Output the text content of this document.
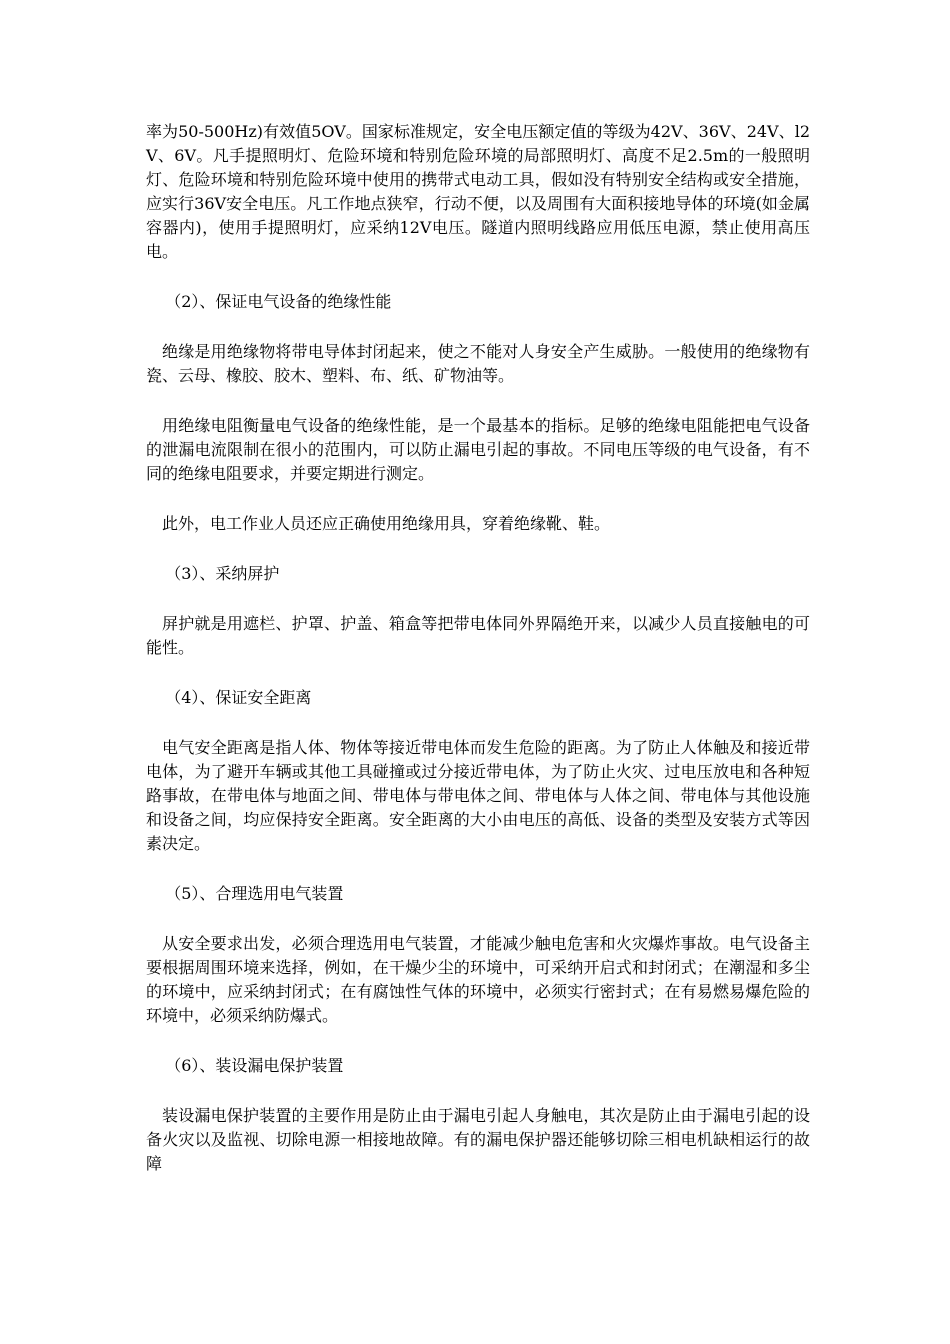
率为50-500Hz)有效值5OV。国家标准规定，安全电压额定值的等级为42V、36V、24V、l2V、6V。凡手提照明灯、危险环境和特别危险环境的局部照明灯、高度不足2.5m的一般照明灯、危险环境和特别危险环境中使用的携带式电动工具，假如没有特别安全结构或安全措施，应实行36V安全电压。凡工作地点狭窄，行动不便，以及周围有大面积接地导体的环境(如金属容器内)，使用手提照明灯，应采纳12V电压。隧道内照明线路应用低压电源，禁止使用高压电。

（2）、保证电气设备的绝缘性能

绝缘是用绝缘物将带电导体封闭起来，使之不能对人身安全产生威胁。一般使用的绝缘物有瓷、云母、橡胶、胶木、塑料、布、纸、矿物油等。

用绝缘电阻衡量电气设备的绝缘性能，是一个最基本的指标。足够的绝缘电阻能把电气设备的泄漏电流限制在很小的范围内，可以防止漏电引起的事故。不同电压等级的电气设备，有不同的绝缘电阻要求，并要定期进行测定。

此外，电工作业人员还应正确使用绝缘用具，穿着绝缘靴、鞋。

（3）、采纳屏护

屏护就是用遮栏、护罩、护盖、箱盒等把带电体同外界隔绝开来，以减少人员直接触电的可能性。

（4）、保证安全距离

电气安全距离是指人体、物体等接近带电体而发生危险的距离。为了防止人体触及和接近带电体，为了避开车辆或其他工具碰撞或过分接近带电体，为了防止火灾、过电压放电和各种短路事故，在带电体与地面之间、带电体与带电体之间、带电体与人体之间、带电体与其他设施和设备之间，均应保持安全距离。安全距离的大小由电压的高低、设备的类型及安装方式等因素决定。

（5）、合理选用电气装置

从安全要求出发，必须合理选用电气装置，才能减少触电危害和火灾爆炸事故。电气设备主要根据周围环境来选择，例如，在干燥少尘的环境中，可采纳开启式和封闭式；在潮湿和多尘的环境中，应采纳封闭式；在有腐蚀性气体的环境中，必须实行密封式；在有易燃易爆危险的环境中，必须采纳防爆式。

（6）、装设漏电保护装置

装设漏电保护装置的主要作用是防止由于漏电引起人身触电，其次是防止由于漏电引起的设备火灾以及监视、切除电源一相接地故障。有的漏电保护器还能够切除三相电机缺相运行的故障
